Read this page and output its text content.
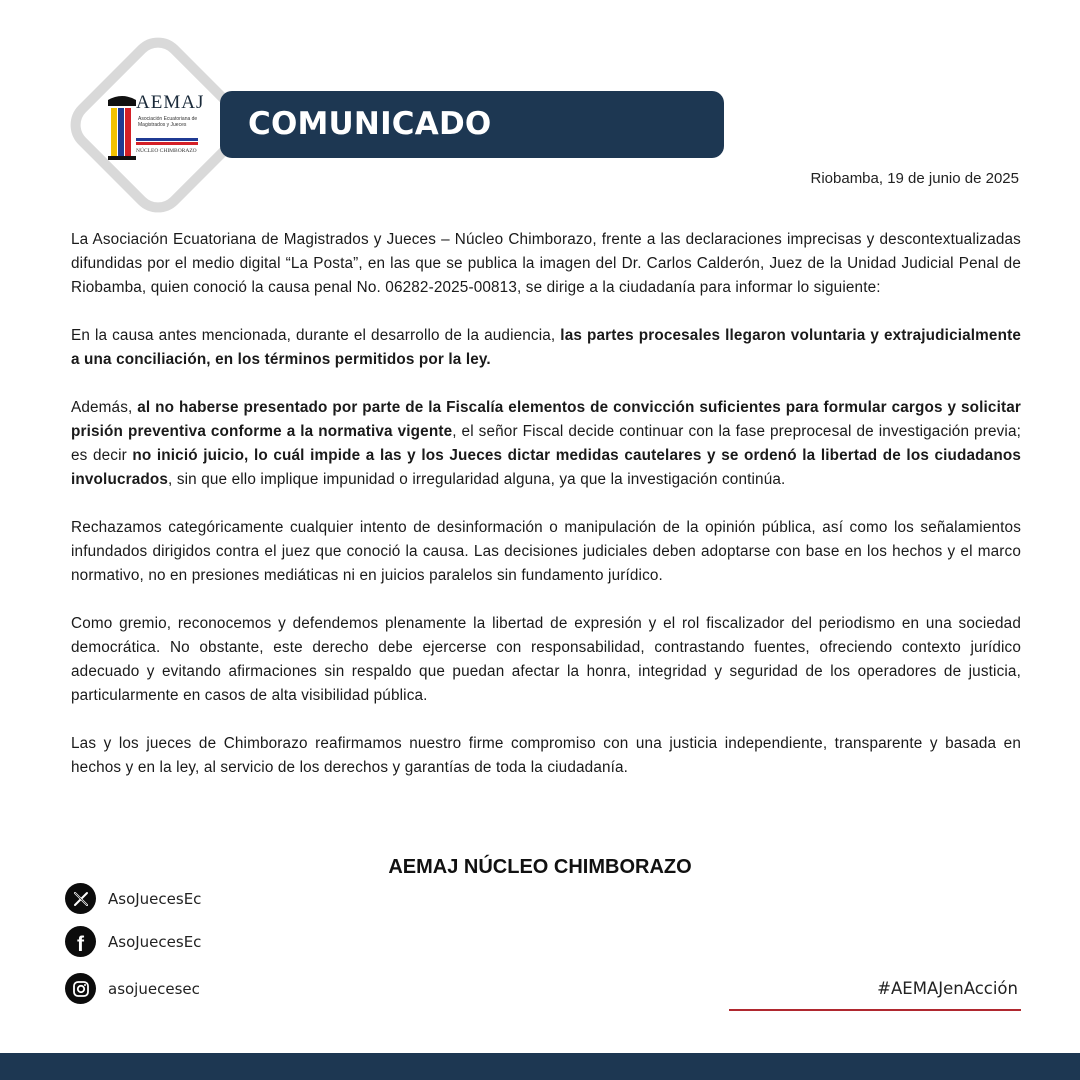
AEMAJ
Asociación Ecuatoriana de Magistrados y Jueces
NÚCLEO CHIMBORAZO
COMUNICADO
Riobamba, 19 de junio de 2025

La Asociación Ecuatoriana de Magistrados y Jueces – Núcleo Chimborazo, frente a las declaraciones imprecisas y descontextualizadas difundidas por el medio digital “La Posta”, en las que se publica la imagen del Dr. Carlos Calderón, Juez de la Unidad Judicial Penal de Riobamba, quien conoció la causa penal No. 06282-2025-00813, se dirige a la ciudadanía para informar lo siguiente:

En la causa antes mencionada, durante el desarrollo de la audiencia, las partes procesales llegaron voluntaria y extrajudicialmente a una conciliación, en los términos permitidos por la ley.

Además, al no haberse presentado por parte de la Fiscalía elementos de convicción suficientes para formular cargos y solicitar prisión preventiva conforme a la normativa vigente, el señor Fiscal decide continuar con la fase preprocesal de investigación previa; es decir no inició juicio, lo cuál impide a las y los Jueces dictar medidas cautelares y se ordenó la libertad de los ciudadanos involucrados, sin que ello implique impunidad o irregularidad alguna, ya que la investigación continúa.

Rechazamos categóricamente cualquier intento de desinformación o manipulación de la opinión pública, así como los señalamientos infundados dirigidos contra el juez que conoció la causa. Las decisiones judiciales deben adoptarse con base en los hechos y el marco normativo, no en presiones mediáticas ni en juicios paralelos sin fundamento jurídico.

Como gremio, reconocemos y defendemos plenamente la libertad de expresión y el rol fiscalizador del periodismo en una sociedad democrática. No obstante, este derecho debe ejercerse con responsabilidad, contrastando fuentes, ofreciendo contexto jurídico adecuado y evitando afirmaciones sin respaldo que puedan afectar la honra, integridad y seguridad de los operadores de justicia, particularmente en casos de alta visibilidad pública.

Las y los jueces de Chimborazo reafirmamos nuestro firme compromiso con una justicia independiente, transparente y basada en hechos y en la ley, al servicio de los derechos y garantías de toda la ciudadanía.

AEMAJ NÚCLEO CHIMBORAZO
AsoJuecesEc
f AsoJuecesEc
asojuecesec	#AEMAJenAcción
